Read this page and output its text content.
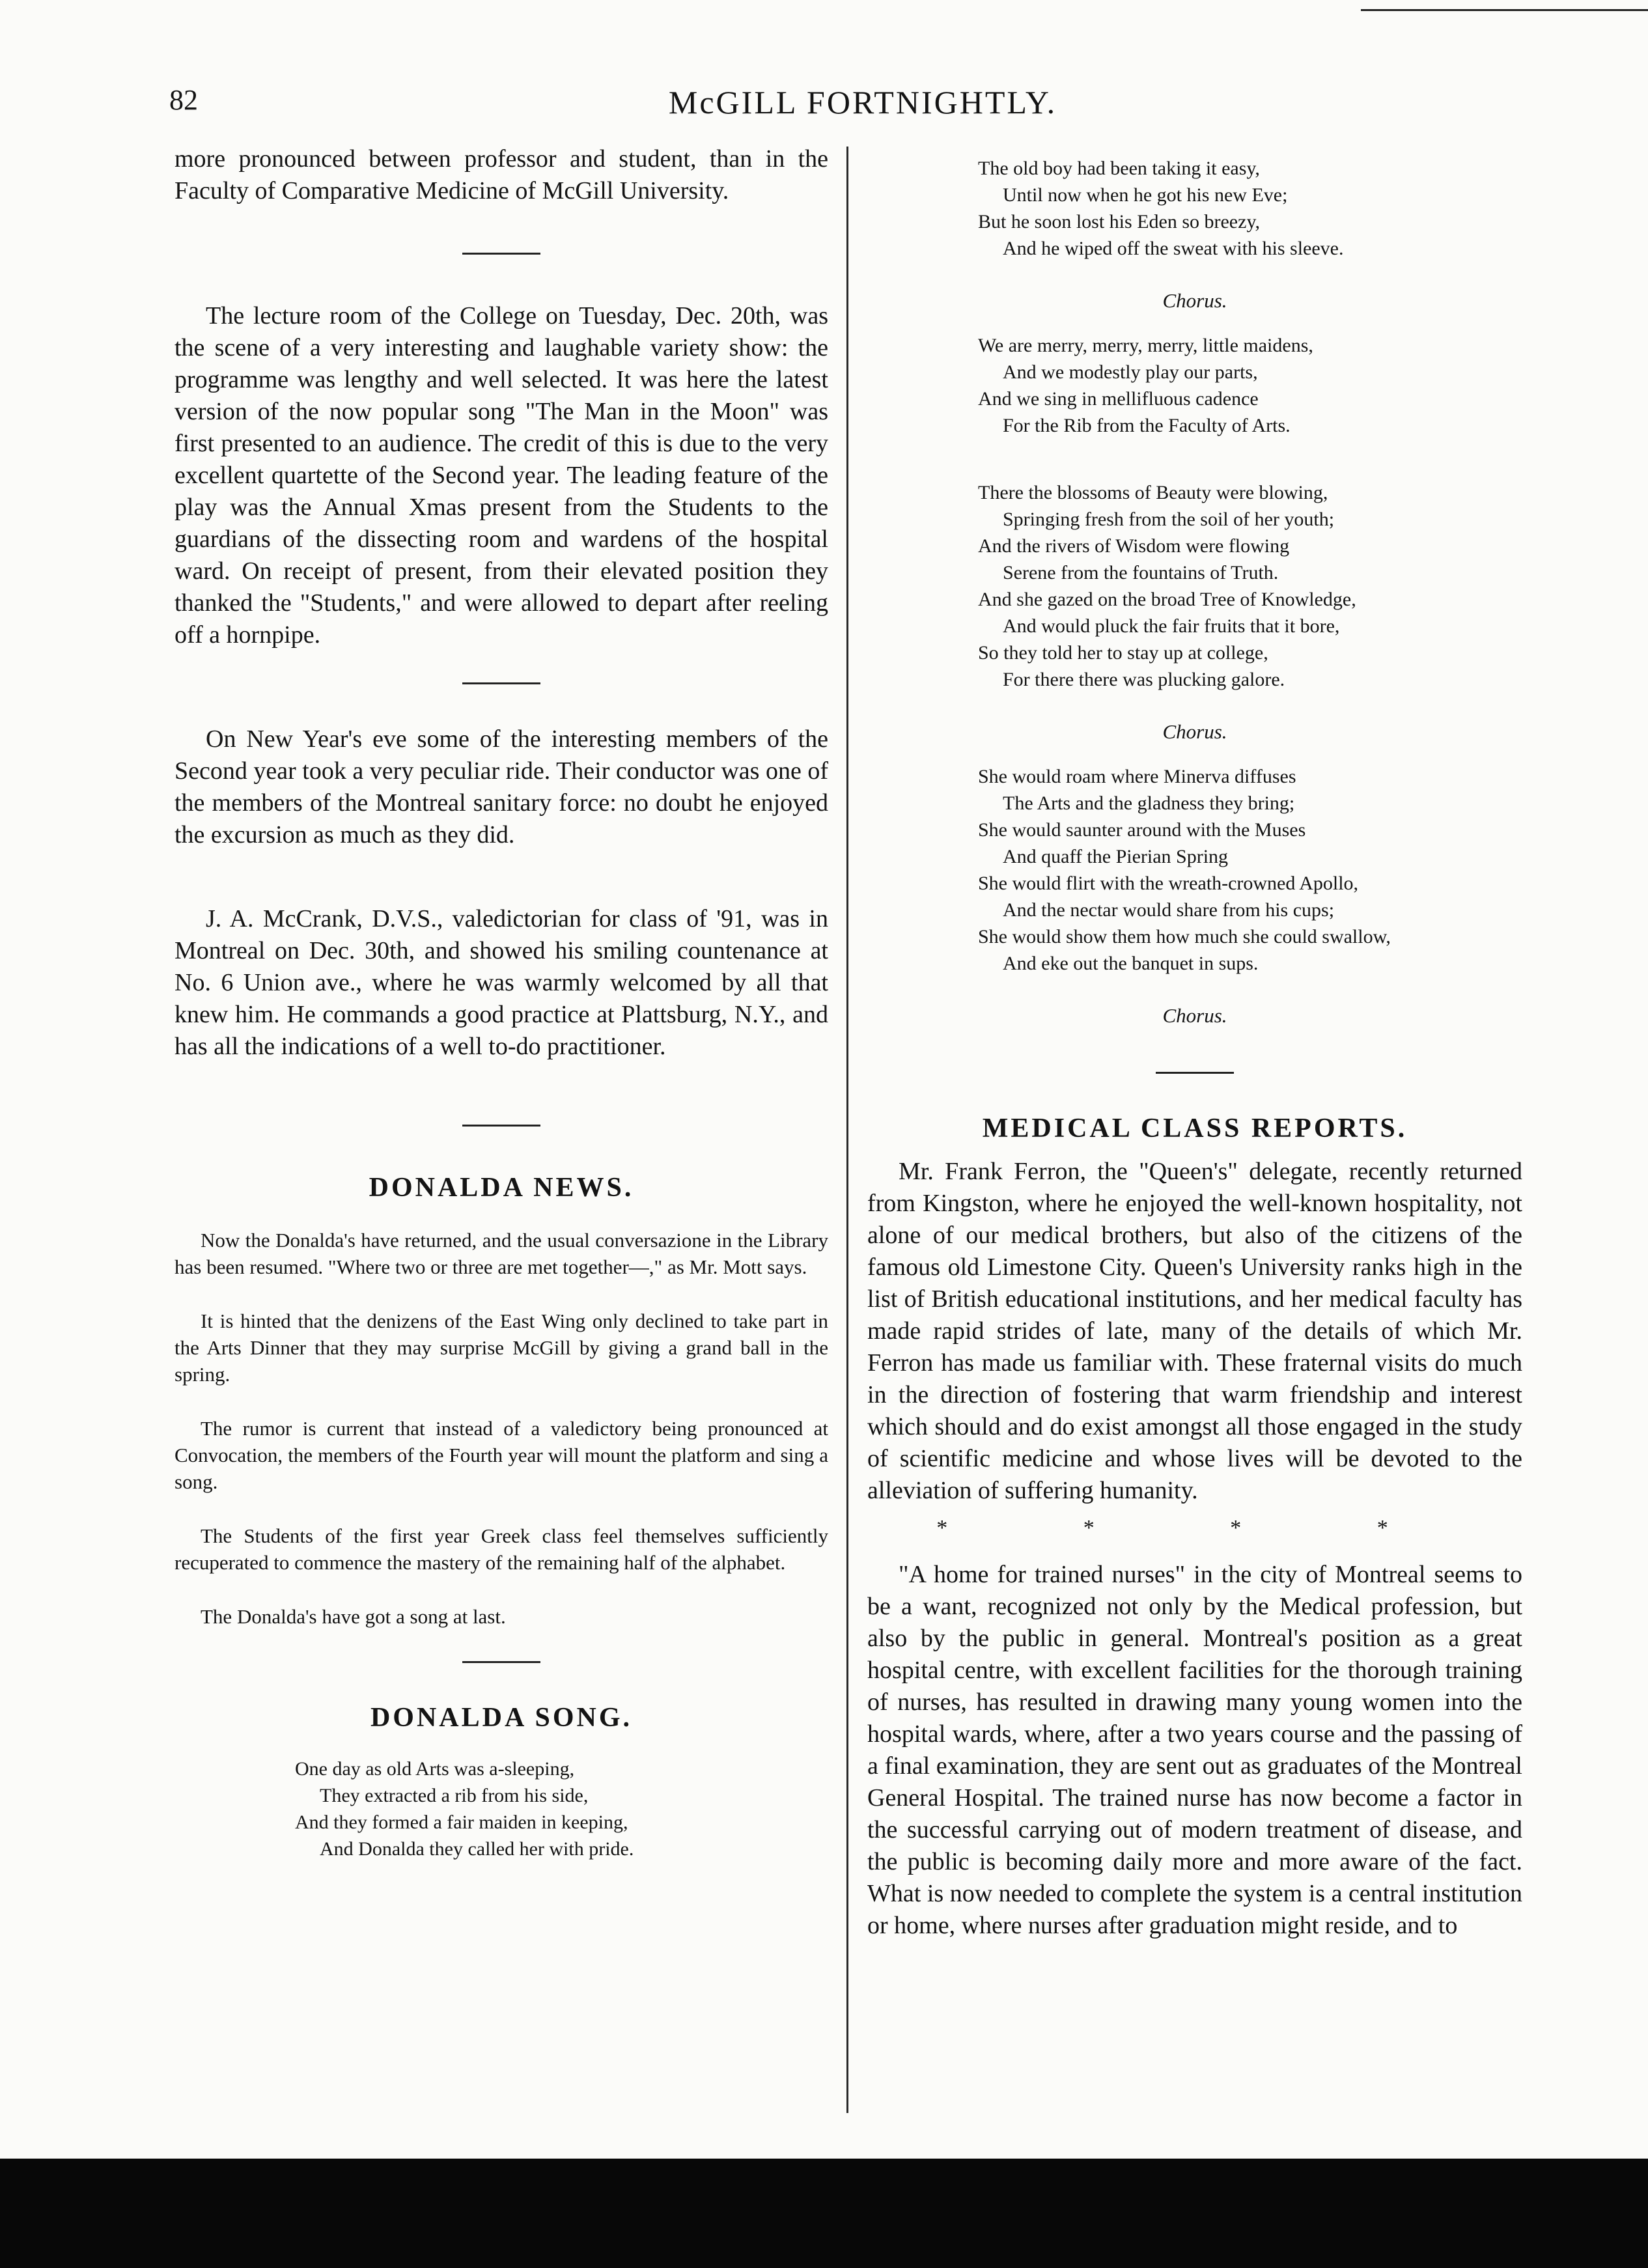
82	McGILL FORTNIGHTLY.

more pronounced between professor and student, than in the Faculty of Comparative Medicine of McGill University.

The lecture room of the College on Tuesday, Dec. 20th, was the scene of a very interesting and laughable variety show: the programme was lengthy and well selected. It was here the latest version of the now popular song "The Man in the Moon" was first presented to an audience. The credit of this is due to the very excellent quartette of the Second year. The leading feature of the play was the Annual Xmas present from the Students to the guardians of the dissecting room and wardens of the hospital ward. On receipt of present, from their elevated position they thanked the "Students," and were allowed to depart after reeling off a hornpipe.

On New Year's eve some of the interesting members of the Second year took a very peculiar ride. Their conductor was one of the members of the Montreal sanitary force: no doubt he enjoyed the excursion as much as they did.

J. A. McCrank, D.V.S., valedictorian for class of '91, was in Montreal on Dec. 30th, and showed his smiling countenance at No. 6 Union ave., where he was warmly welcomed by all that knew him. He commands a good practice at Plattsburg, N.Y., and has all the indications of a well to-do practitioner.

DONALDA NEWS.

Now the Donalda's have returned, and the usual conversazione in the Library has been resumed. "Where two or three are met together—," as Mr. Mott says.

It is hinted that the denizens of the East Wing only declined to take part in the Arts Dinner that they may surprise McGill by giving a grand ball in the spring.

The rumor is current that instead of a valedictory being pronounced at Convocation, the members of the Fourth year will mount the platform and sing a song.

The Students of the first year Greek class feel themselves sufficiently recuperated to commence the mastery of the remaining half of the alphabet.

The Donalda's have got a song at last.

DONALDA SONG.
One day as old Arts was a-sleeping,
They extracted a rib from his side,
And they formed a fair maiden in keeping,
And Donalda they called her with pride.
The old boy had been taking it easy,
Until now when he got his new Eve;
But he soon lost his Eden so breezy,
And he wiped off the sweat with his sleeve.

Chorus.

We are merry, merry, merry, little maidens,
And we modestly play our parts,
And we sing in mellifluous cadence
For the Rib from the Faculty of Arts.
There the blossoms of Beauty were blowing,
Springing fresh from the soil of her youth;
And the rivers of Wisdom were flowing
Serene from the fountains of Truth.
And she gazed on the broad Tree of Knowledge,
And would pluck the fair fruits that it bore,
So they told her to stay up at college,
For there there was plucking galore.

Chorus.

She would roam where Minerva diffuses
The Arts and the gladness they bring;
She would saunter around with the Muses
And quaff the Pierian Spring
She would flirt with the wreath-crowned Apollo,
And the nectar would share from his cups;
She would show them how much she could swallow,
And eke out the banquet in sups.

Chorus.

MEDICAL CLASS REPORTS.

Mr. Frank Ferron, the "Queen's" delegate, recently returned from Kingston, where he enjoyed the well-known hospitality, not alone of our medical brothers, but also of the citizens of the famous old Limestone City. Queen's University ranks high in the list of British educational institutions, and her medical faculty has made rapid strides of late, many of the details of which Mr. Ferron has made us familiar with. These fraternal visits do much in the direction of fostering that warm friendship and interest which should and do exist amongst all those engaged in the study of scientific medicine and whose lives will be devoted to the alleviation of suffering humanity.

* * * *

"A home for trained nurses" in the city of Montreal seems to be a want, recognized not only by the Medical profession, but also by the public in general. Montreal's position as a great hospital centre, with excellent facilities for the thorough training of nurses, has resulted in drawing many young women into the hospital wards, where, after a two years course and the passing of a final examination, they are sent out as graduates of the Montreal General Hospital. The trained nurse has now become a factor in the successful carrying out of modern treatment of disease, and the public is becoming daily more and more aware of the fact. What is now needed to complete the system is a central institution or home, where nurses after graduation might reside, and to
